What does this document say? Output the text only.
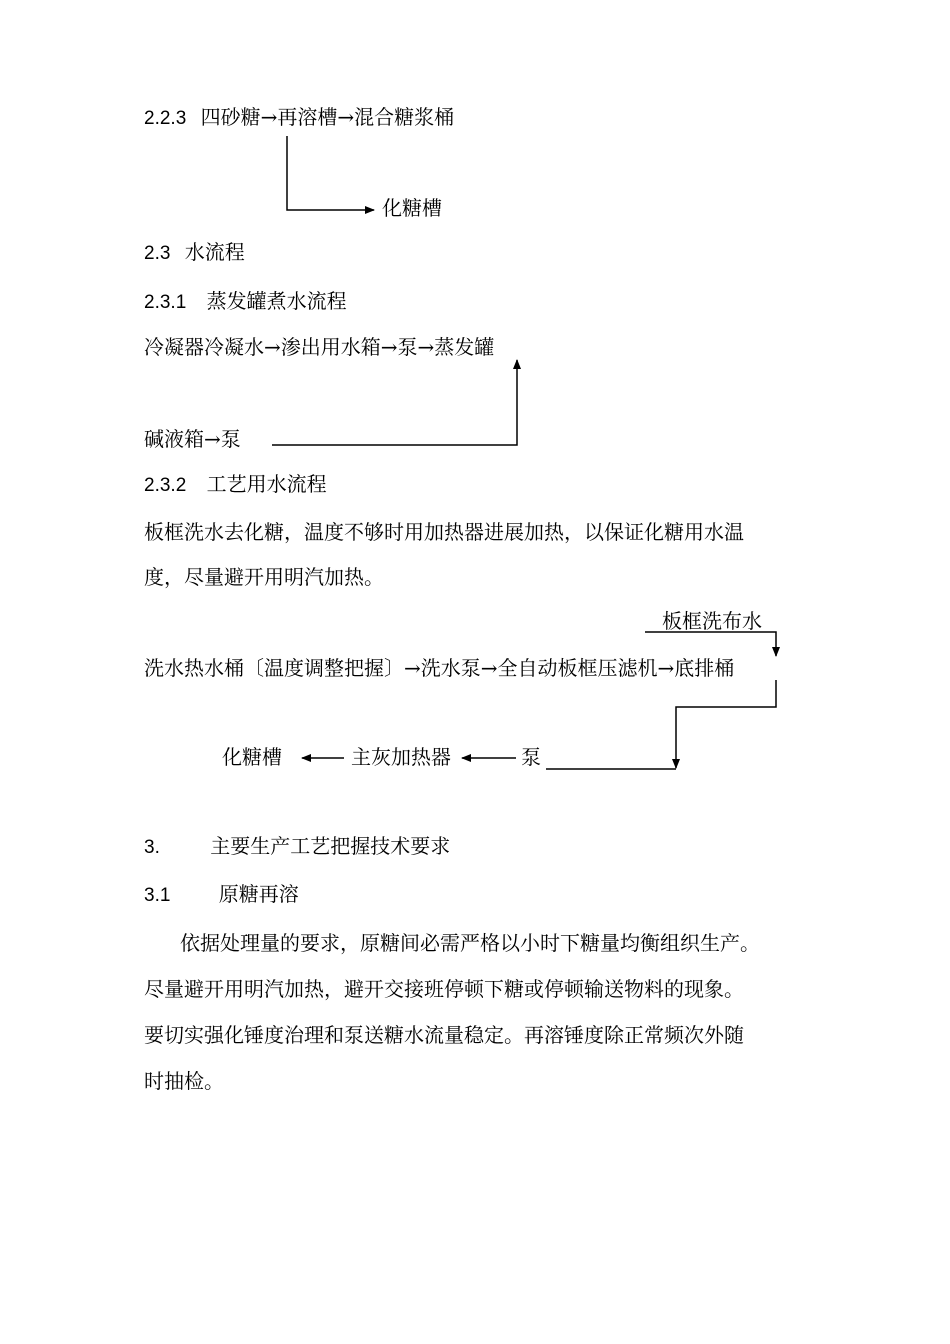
2.2.3 四砂糖→再溶槽→混合糖浆桶
化糖槽
2.3 水流程
2.3.1 蒸发罐煮水流程
冷凝器冷凝水→渗出用水箱→泵→蒸发罐
碱液箱→泵
2.3.2 工艺用水流程
板框洗水去化糖，温度不够时用加热器进展加热，以保证化糖用水温
度，尽量避开用明汽加热。
板框洗布水
洗水热水桶〔温度调整把握〕→洗水泵→全自动板框压滤机→底排桶
化糖槽	主灰加热器	泵
3.	主要生产工艺把握技术要求
3.1 原糖再溶
依据处理量的要求，原糖间必需严格以小时下糖量均衡组织生产。
尽量避开用明汽加热，避开交接班停顿下糖或停顿输送物料的现象。
要切实强化锤度治理和泵送糖水流量稳定。再溶锤度除正常频次外随
时抽检。
